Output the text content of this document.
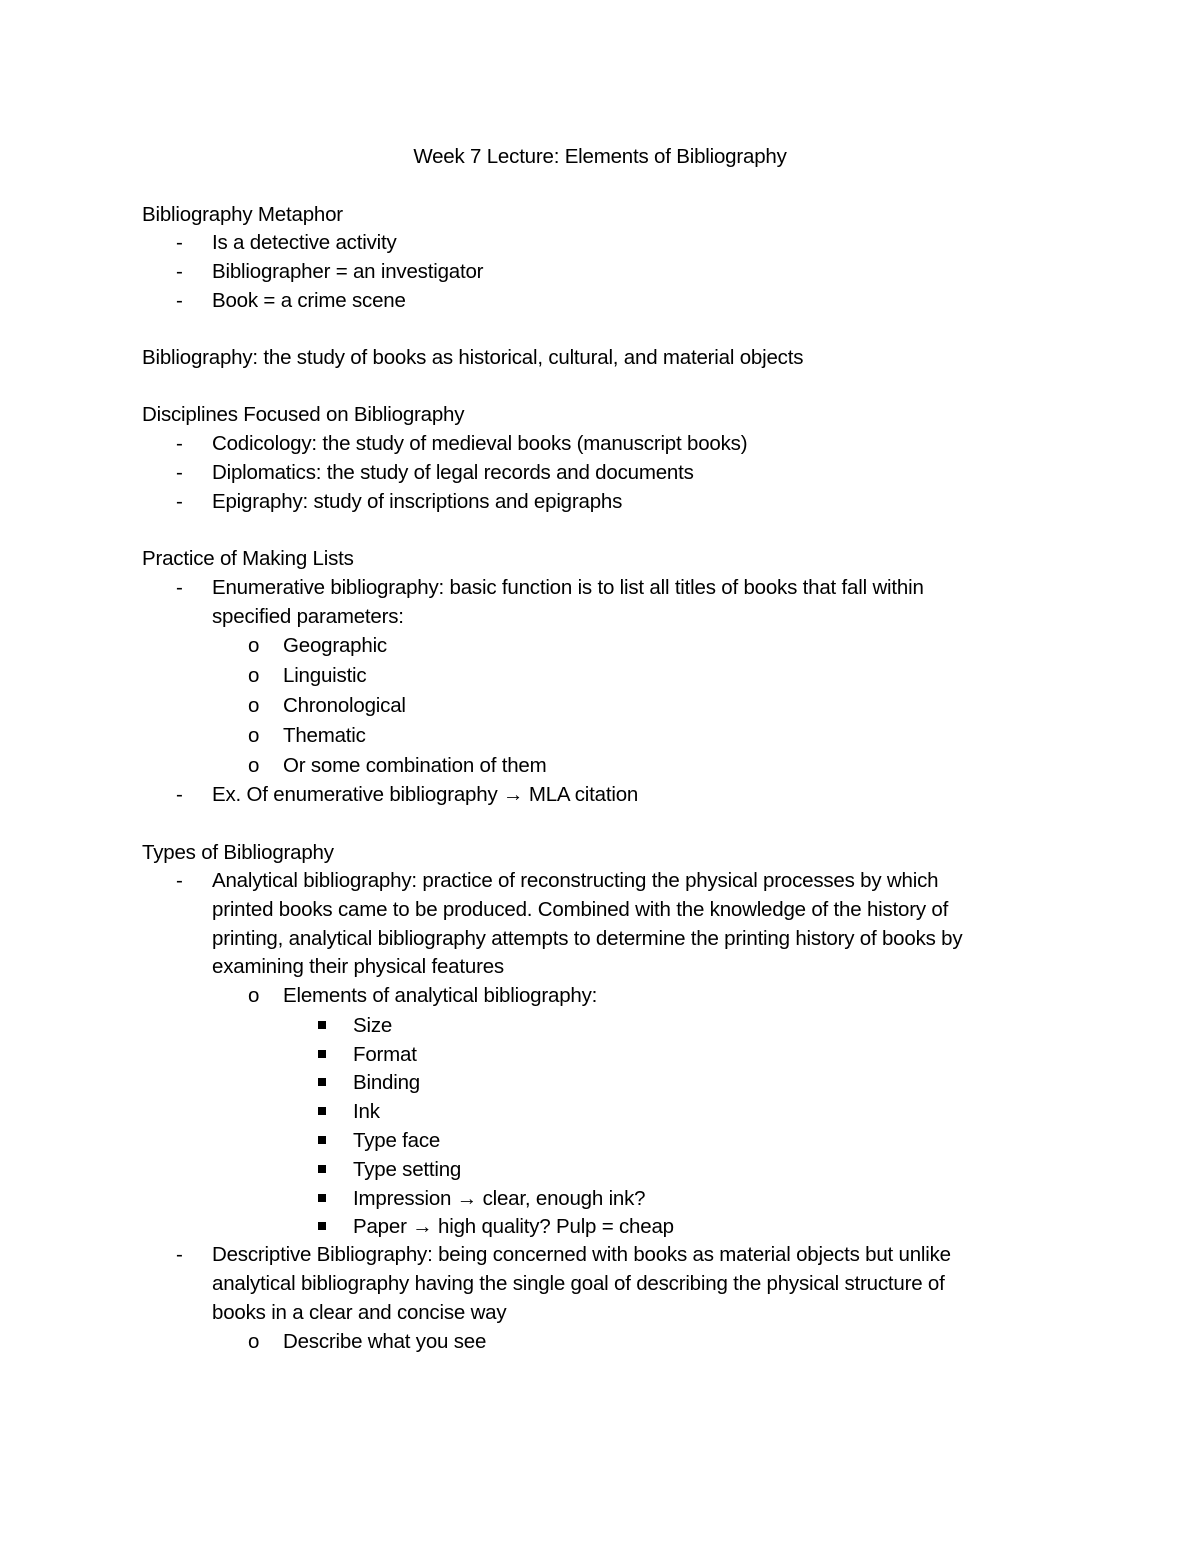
Week 7 Lecture: Elements of Bibliography
Bibliography Metaphor
- Is a detective activity
- Bibliographer = an investigator
- Book = a crime scene
Bibliography: the study of books as historical, cultural, and material objects
Disciplines Focused on Bibliography
- Codicology: the study of medieval books (manuscript books)
- Diplomatics: the study of legal records and documents
- Epigraphy: study of inscriptions and epigraphs
Practice of Making Lists
- Enumerative bibliography: basic function is to list all titles of books that fall within
specified parameters:
o Geographic
o Linguistic
o Chronological
o Thematic
o Or some combination of them
- Ex. Of enumerative bibliography → MLA citation
Types of Bibliography
- Analytical bibliography: practice of reconstructing the physical processes by which
printed books came to be produced. Combined with the knowledge of the history of
printing, analytical bibliography attempts to determine the printing history of books by
examining their physical features
o Elements of analytical bibliography:
Size
Format
Binding
Ink
Type face
Type setting
Impression → clear, enough ink?
Paper → high quality? Pulp = cheap
- Descriptive Bibliography: being concerned with books as material objects but unlike
analytical bibliography having the single goal of describing the physical structure of
books in a clear and concise way
o Describe what you see
